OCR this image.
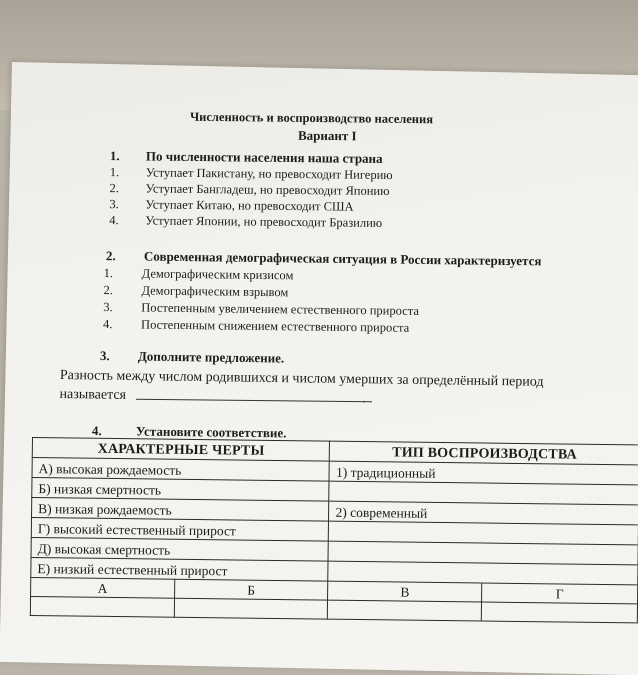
Численность и воспроизводство населения
Вариант I
1. По численности населения наша страна
1. Уступает Пакистану, но превосходит Нигерию
2. Уступает Бангладеш, но превосходит Японию
3. Уступает Китаю, но превосходит США
4. Уступает Японии, но превосходит Бразилию
2. Современная демографическая ситуация в России характеризуется
1. Демографическим кризисом
2. Демографическим взрывом
3. Постепенным увеличением естественного прироста
4. Постепенным снижением естественного прироста
3. Дополните предложение.
Разность между числом родившихся и числом умерших за определённый период
называется	.
4.	Установите соответствие.
ХАРАКТЕРНЫЕ ЧЕРТЫ		ТИП ВОСПРОИЗВОДСТВА	
А) высокая рождаемость		1) традиционный	
Б) низкая смертность			
В) низкая рождаемость		2) современный	
Г) высокий естественный прирост			
Д) высокая смертность			
Е) низкий естественный прирост			
А	Б	В	Г
